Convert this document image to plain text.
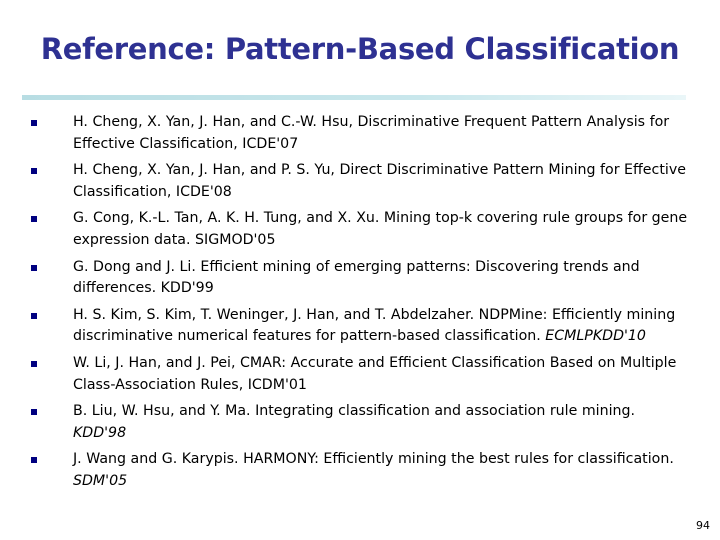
Reference: Pattern-Based Classification
H. Cheng, X. Yan, J. Han, and C.-W. Hsu, Discriminative Frequent Pattern Analysis for Effective Classification, ICDE'07
H. Cheng, X. Yan, J. Han, and P. S. Yu, Direct Discriminative Pattern Mining for Effective Classification, ICDE'08
G. Cong, K.-L. Tan, A. K. H. Tung, and X. Xu. Mining top-k covering rule groups for gene expression data. SIGMOD'05
G. Dong and J. Li. Efficient mining of emerging patterns: Discovering trends and differences. KDD'99
H. S. Kim, S. Kim, T. Weninger, J. Han, and T. Abdelzaher. NDPMine: Efficiently mining discriminative numerical features for pattern-based classification. ECMLPKDD'10
W. Li, J. Han, and J. Pei, CMAR: Accurate and Efficient Classification Based on Multiple Class-Association Rules, ICDM'01
B. Liu, W. Hsu, and Y. Ma. Integrating classification and association rule mining. KDD'98
J. Wang and G. Karypis. HARMONY: Efficiently mining the best rules for classification. SDM'05
94
